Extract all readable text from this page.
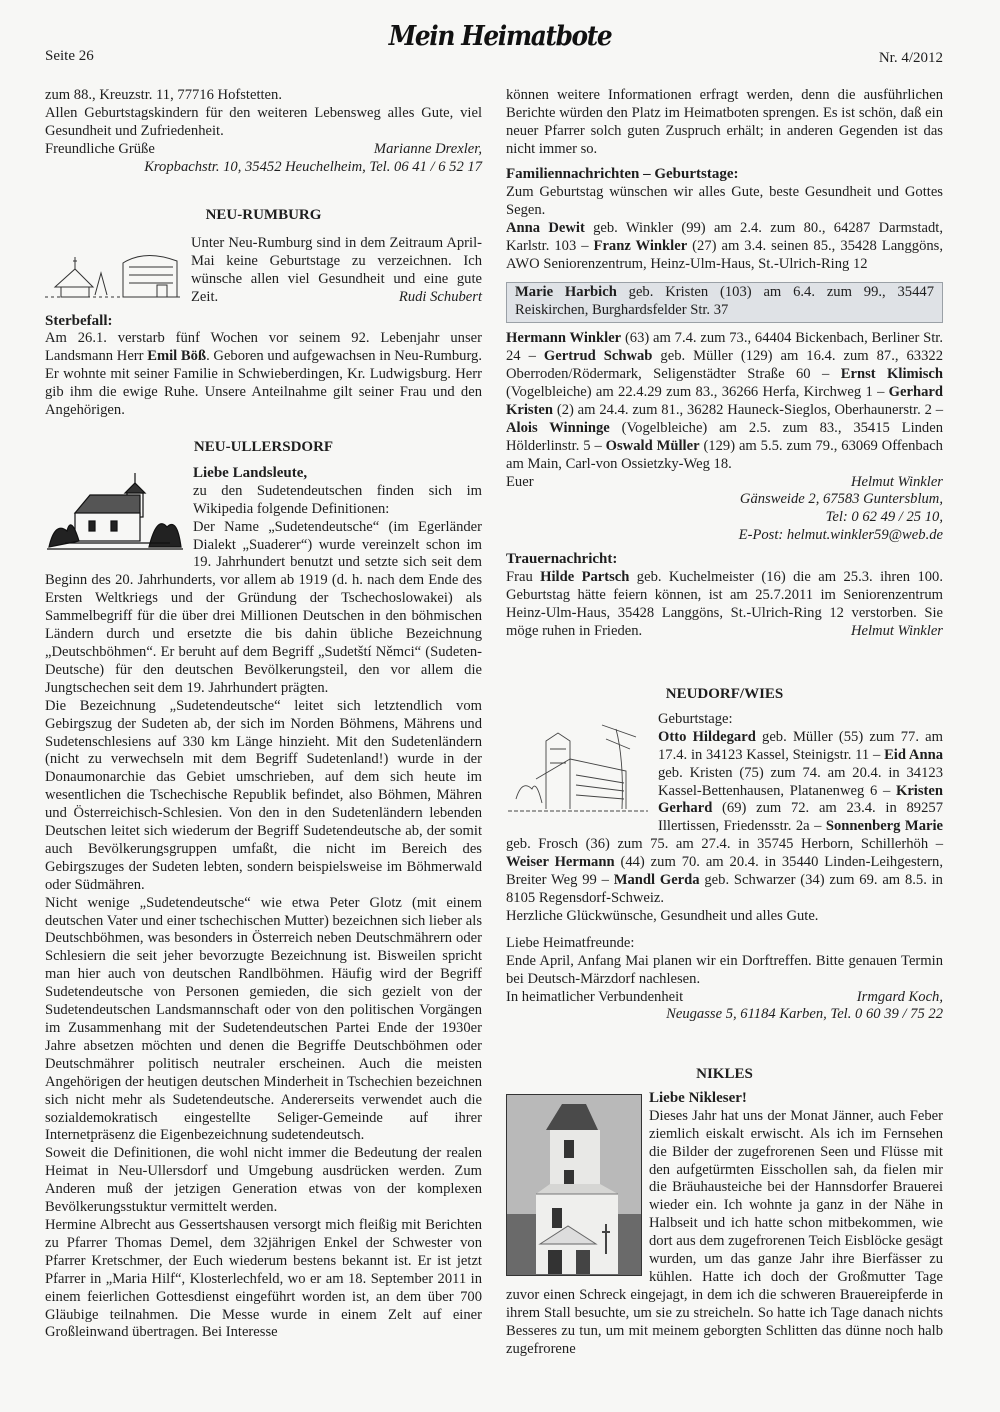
Seite 26
Mein Heimatbote
Nr. 4/2012

zum 88., Kreuzstr. 11, 77716 Hofstetten.

Allen Geburtstagskindern für den weiteren Lebensweg alles Gute, viel Gesundheit und Zufriedenheit.

Freundliche Grüße	Marianne Drexler,

Kropbachstr. 10, 35452 Heuchelheim, Tel. 06 41 / 6 52 17

NEU-RUMBURG

Unter Neu-Rumburg sind in dem Zeitraum April-Mai keine Geburtstage zu verzeichnen. Ich wünsche allen viel Gesundheit und eine gute Zeit.	Rudi Schubert

Sterbefall:

Am 26.1. verstarb fünf Wochen vor seinem 92. Lebenjahr unser Landsmann Herr Emil Böß. Geboren und aufgewachsen in Neu-Rumburg. Er wohnte mit seiner Familie in Schwieberdingen, Kr. Ludwigsburg. Herr gib ihm die ewige Ruhe. Unsere Anteilnahme gilt seiner Frau und den Angehörigen.

NEU-ULLERSDORF
Liebe Landsleute,

zu den Sudetendeutschen finden sich im Wikipedia folgende Definitionen:

Der Name „Sudetendeutsche“ (im Egerländer Dialekt „Suaderer“) wurde vereinzelt schon im 19. Jahrhundert benutzt und setzte sich seit dem Beginn des 20. Jahrhunderts, vor allem ab 1919 (d. h. nach dem Ende des Ersten Weltkriegs und der Gründung der Tschechoslowakei) als Sammelbegriff für die über drei Millionen Deutschen in den böhmischen Ländern durch und ersetzte die bis dahin übliche Bezeichnung „Deutschböhmen“. Er beruht auf dem Begriff „Sudetští Němci“ (Sudeten-Deutsche) für den deutschen Bevölkerungsteil, den vor allem die Jungtschechen seit dem 19. Jahrhundert prägten.

Die Bezeichnung „Sudetendeutsche“ leitet sich letztendlich vom Gebirgszug der Sudeten ab, der sich im Norden Böhmens, Mährens und Sudetenschlesiens auf 330 km Länge hinzieht. Mit den Sudetenländern (nicht zu verwechseln mit dem Begriff Sudetenland!) wurde in der Donaumonarchie das Gebiet umschrieben, auf dem sich heute im wesentlichen die Tschechische Republik befindet, also Böhmen, Mähren und Österreichisch-Schlesien. Von den in den Sudetenländern lebenden Deutschen leitet sich wiederum der Begriff Sudetendeutsche ab, der somit auch Bevölkerungsgruppen umfaßt, die nicht im Bereich des Gebirgszuges der Sudeten lebten, sondern beispielsweise im Böhmerwald oder Südmähren.

Nicht wenige „Sudetendeutsche“ wie etwa Peter Glotz (mit einem deutschen Vater und einer tschechischen Mutter) bezeichnen sich lieber als Deutschböhmen, was besonders in Österreich neben Deutschmährern oder Schlesiern die seit jeher bevorzugte Bezeichnung ist. Bisweilen spricht man hier auch von deutschen Randlböhmen. Häufig wird der Begriff Sudetendeutsche von Personen gemieden, die sich gezielt von der Sudetendeutschen Landsmannschaft oder von den politischen Vorgängen im Zusammenhang mit der Sudetendeutschen Partei Ende der 1930er Jahre absetzen möchten und denen die Begriffe Deutschböhmen oder Deutschmährer politisch neutraler erscheinen. Auch die meisten Angehörigen der heutigen deutschen Minderheit in Tschechien bezeichnen sich nicht mehr als Sudetendeutsche. Andererseits verwendet auch die sozialdemokratisch eingestellte Seliger-Gemeinde auf ihrer Internetpräsenz die Eigenbezeichnung sudetendeutsch.

Soweit die Definitionen, die wohl nicht immer die Bedeutung der realen Heimat in Neu-Ullersdorf und Umgebung ausdrücken werden. Zum Anderen muß der jetzigen Generation etwas von der komplexen Bevölkerungsstuktur vermittelt werden.

Hermine Albrecht aus Gessertshausen versorgt mich fleißig mit Berichten zu Pfarrer Thomas Demel, dem 32jährigen Enkel der Schwester von Pfarrer Kretschmer, der Euch wiederum bestens bekannt ist. Er ist jetzt Pfarrer in „Maria Hilf“, Klosterlechfeld, wo er am 18. September 2011 in einem feierlichen Gottesdienst eingeführt worden ist, an dem über 700 Gläubige teilnahmen. Die Messe wurde in einem Zelt auf einer Großleinwand übertragen. Bei Interesse

können weitere Informationen erfragt werden, denn die ausführlichen Berichte würden den Platz im Heimatboten sprengen. Es ist schön, daß ein neuer Pfarrer solch guten Zuspruch erhält; in anderen Gegenden ist das nicht immer so.

Familiennachrichten – Geburtstage:

Zum Geburtstag wünschen wir alles Gute, beste Gesundheit und Gottes Segen.

Anna Dewit geb. Winkler (99) am 2.4. zum 80., 64287 Darmstadt, Karlstr. 103 – Franz Winkler (27) am 3.4. seinen 85., 35428 Langgöns, AWO Seniorenzentrum, Heinz-Ulm-Haus, St.-Ulrich-Ring 12

Marie Harbich geb. Kristen (103) am 6.4. zum 99., 35447 Reiskirchen, Burghardsfelder Str. 37

Hermann Winkler (63) am 7.4. zum 73., 64404 Bickenbach, Berliner Str. 24 – Gertrud Schwab geb. Müller (129) am 16.4. zum 87., 63322 Oberroden/Rödermark, Seligenstädter Straße 60 – Ernst Klimisch (Vogelbleiche) am 22.4.29 zum 83., 36266 Herfa, Kirchweg 1 – Gerhard Kristen (2) am 24.4. zum 81., 36282 Hauneck-Sieglos, Oberhaunerstr. 2 – Alois Winninge (Vogelbleiche) am 2.5. zum 83., 35415 Linden Hölderlinstr. 5 – Oswald Müller (129) am 5.5. zum 79., 63069 Offenbach am Main, Carl-von Ossietzky-Weg 18.

Euer	Helmut Winkler

Gänsweide 2, 67583 Guntersblum,

Tel: 0 62 49 / 25 10,

E-Post: helmut.winkler59@web.de

Trauernachricht:

Frau Hilde Partsch geb. Kuchelmeister (16) die am 25.3. ihren 100. Geburtstag hätte feiern können, ist am 25.7.2011 im Seniorenzentrum Heinz-Ulm-Haus, 35428 Langgöns, St.-Ulrich-Ring 12 verstorben. Sie möge ruhen in Frieden.	Helmut Winkler

NEUDORF/WIES

Geburtstage:

Otto Hildegard geb. Müller (55) zum 77. am 17.4. in 34123 Kassel, Steinigstr. 11 – Eid Anna geb. Kristen (75) zum 74. am 20.4. in 34123 Kassel-Bettenhausen, Platanenweg 6 – Kristen Gerhard (69) zum 72. am 23.4. in 89257 Illertissen, Friedensstr. 2a – Sonnenberg Marie geb. Frosch (36) zum 75. am 27.4. in 35745 Herborn, Schillerhöh – Weiser Hermann (44) zum 70. am 20.4. in 35440 Linden-Leihgestern, Breiter Weg 99 – Mandl Gerda geb. Schwarzer (34) zum 69. am 8.5. in 8105 Regensdorf-Schweiz.

Herzliche Glückwünsche, Gesundheit und alles Gute.

Liebe Heimatfreunde:

Ende April, Anfang Mai planen wir ein Dorftreffen. Bitte genauen Termin bei Deutsch-Märzdorf nachlesen.

In heimatlicher Verbundenheit	Irmgard Koch,

Neugasse 5, 61184 Karben, Tel. 0 60 39 / 75 22

NIKLES
Liebe Nikleser!

Dieses Jahr hat uns der Monat Jänner, auch Feber ziemlich eiskalt erwischt. Als ich im Fernsehen die Bilder der zugefrorenen Seen und Flüsse mit den aufgetürmten Eisschollen sah, da fielen mir die Bräuhausteiche bei der Hannsdorfer Brauerei wieder ein. Ich wohnte ja ganz in der Nähe in Halbseit und ich hatte schon mitbekommen, wie dort aus dem zugefrorenen Teich Eisblöcke gesägt wurden, um das ganze Jahr ihre Bierfässer zu kühlen. Hatte ich doch der Großmutter Tage zuvor einen Schreck eingejagt, in dem ich die schweren Brauereipferde in ihrem Stall besuchte, um sie zu streicheln. So hatte ich Tage danach nichts Besseres zu tun, um mit meinem geborgten Schlitten das dünne noch halb zugefrorene
